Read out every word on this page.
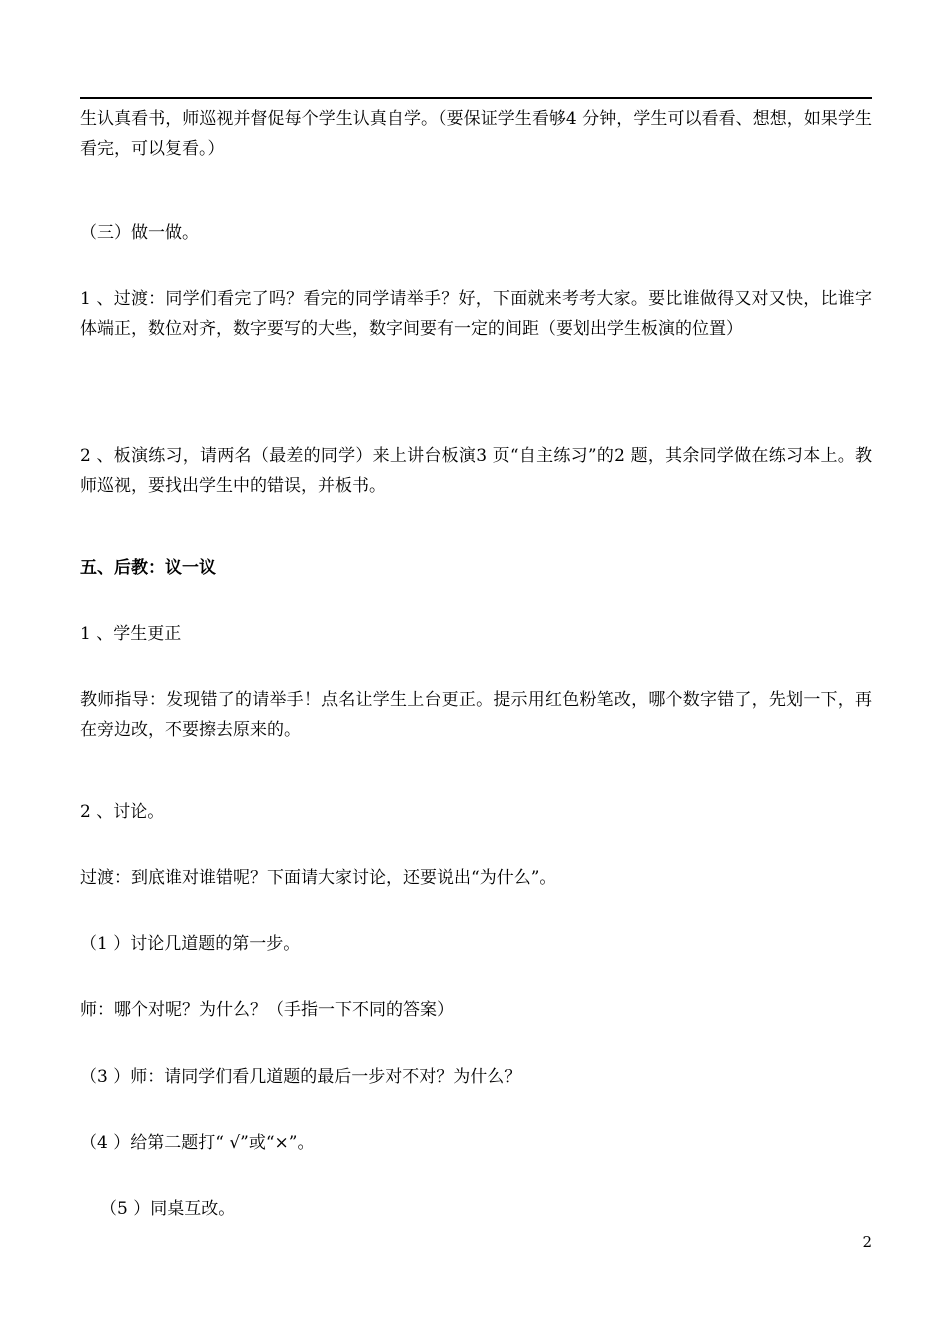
生认真看书，师巡视并督促每个学生认真自学。（要保证学生看够4 分钟，学生可以看看、想想，如果学生看完，可以复看。）
（三）做一做。
1 、过渡：同学们看完了吗？看完的同学请举手？好，下面就来考考大家。要比谁做得又对又快，比谁字体端正，数位对齐，数字要写的大些，数字间要有一定的间距（要划出学生板演的位置）
2 、板演练习，请两名（最差的同学）来上讲台板演3 页“自主练习”的2 题，其余同学做在练习本上。教师巡视，要找出学生中的错误，并板书。
五、后教：议一议
1 、学生更正
教师指导：发现错了的请举手！点名让学生上台更正。提示用红色粉笔改，哪个数字错了，先划一下，再在旁边改，不要擦去原来的。
2 、讨论。
过渡：到底谁对谁错呢？下面请大家讨论，还要说出“为什么”。
（1 ）讨论几道题的第一步。
师：哪个对呢？为什么？（手指一下不同的答案）
（3 ）师：请同学们看几道题的最后一步对不对？为什么？
（4 ）给第二题打“ √”或“×”。
（5 ）同桌互改。
2
